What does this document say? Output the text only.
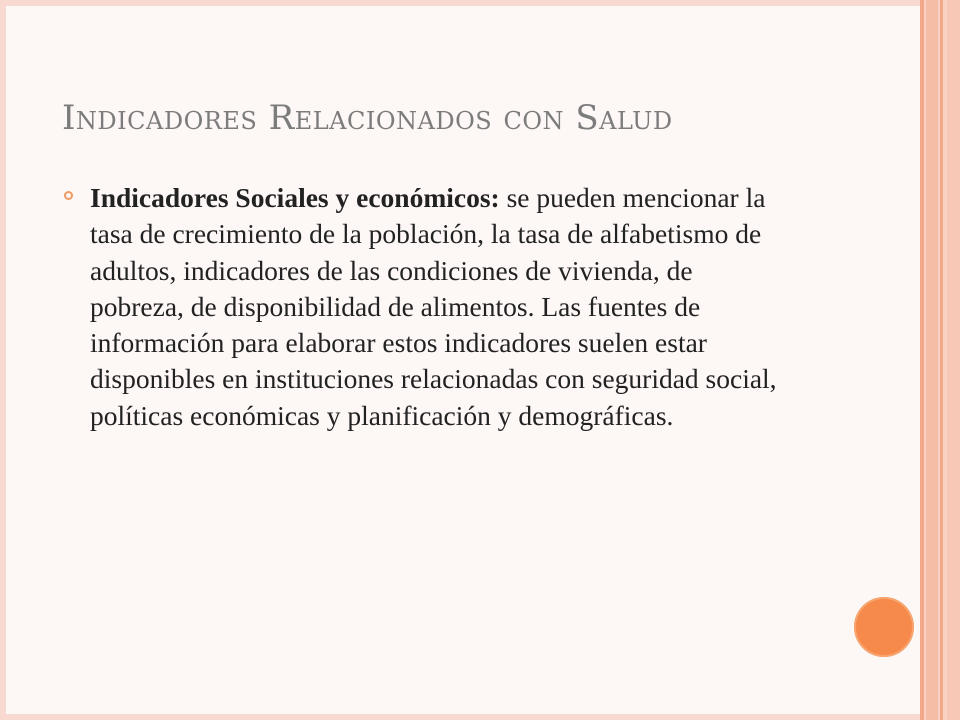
Indicadores Relacionados con Salud

Indicadores Sociales y económicos: se pueden mencionar la tasa de crecimiento de la población, la tasa de alfabetismo de adultos, indicadores de las condiciones de vivienda, de pobreza, de disponibilidad de alimentos. Las fuentes de información para elaborar estos indicadores suelen estar disponibles en instituciones relacionadas con seguridad social, políticas económicas y planificación y demográficas.
